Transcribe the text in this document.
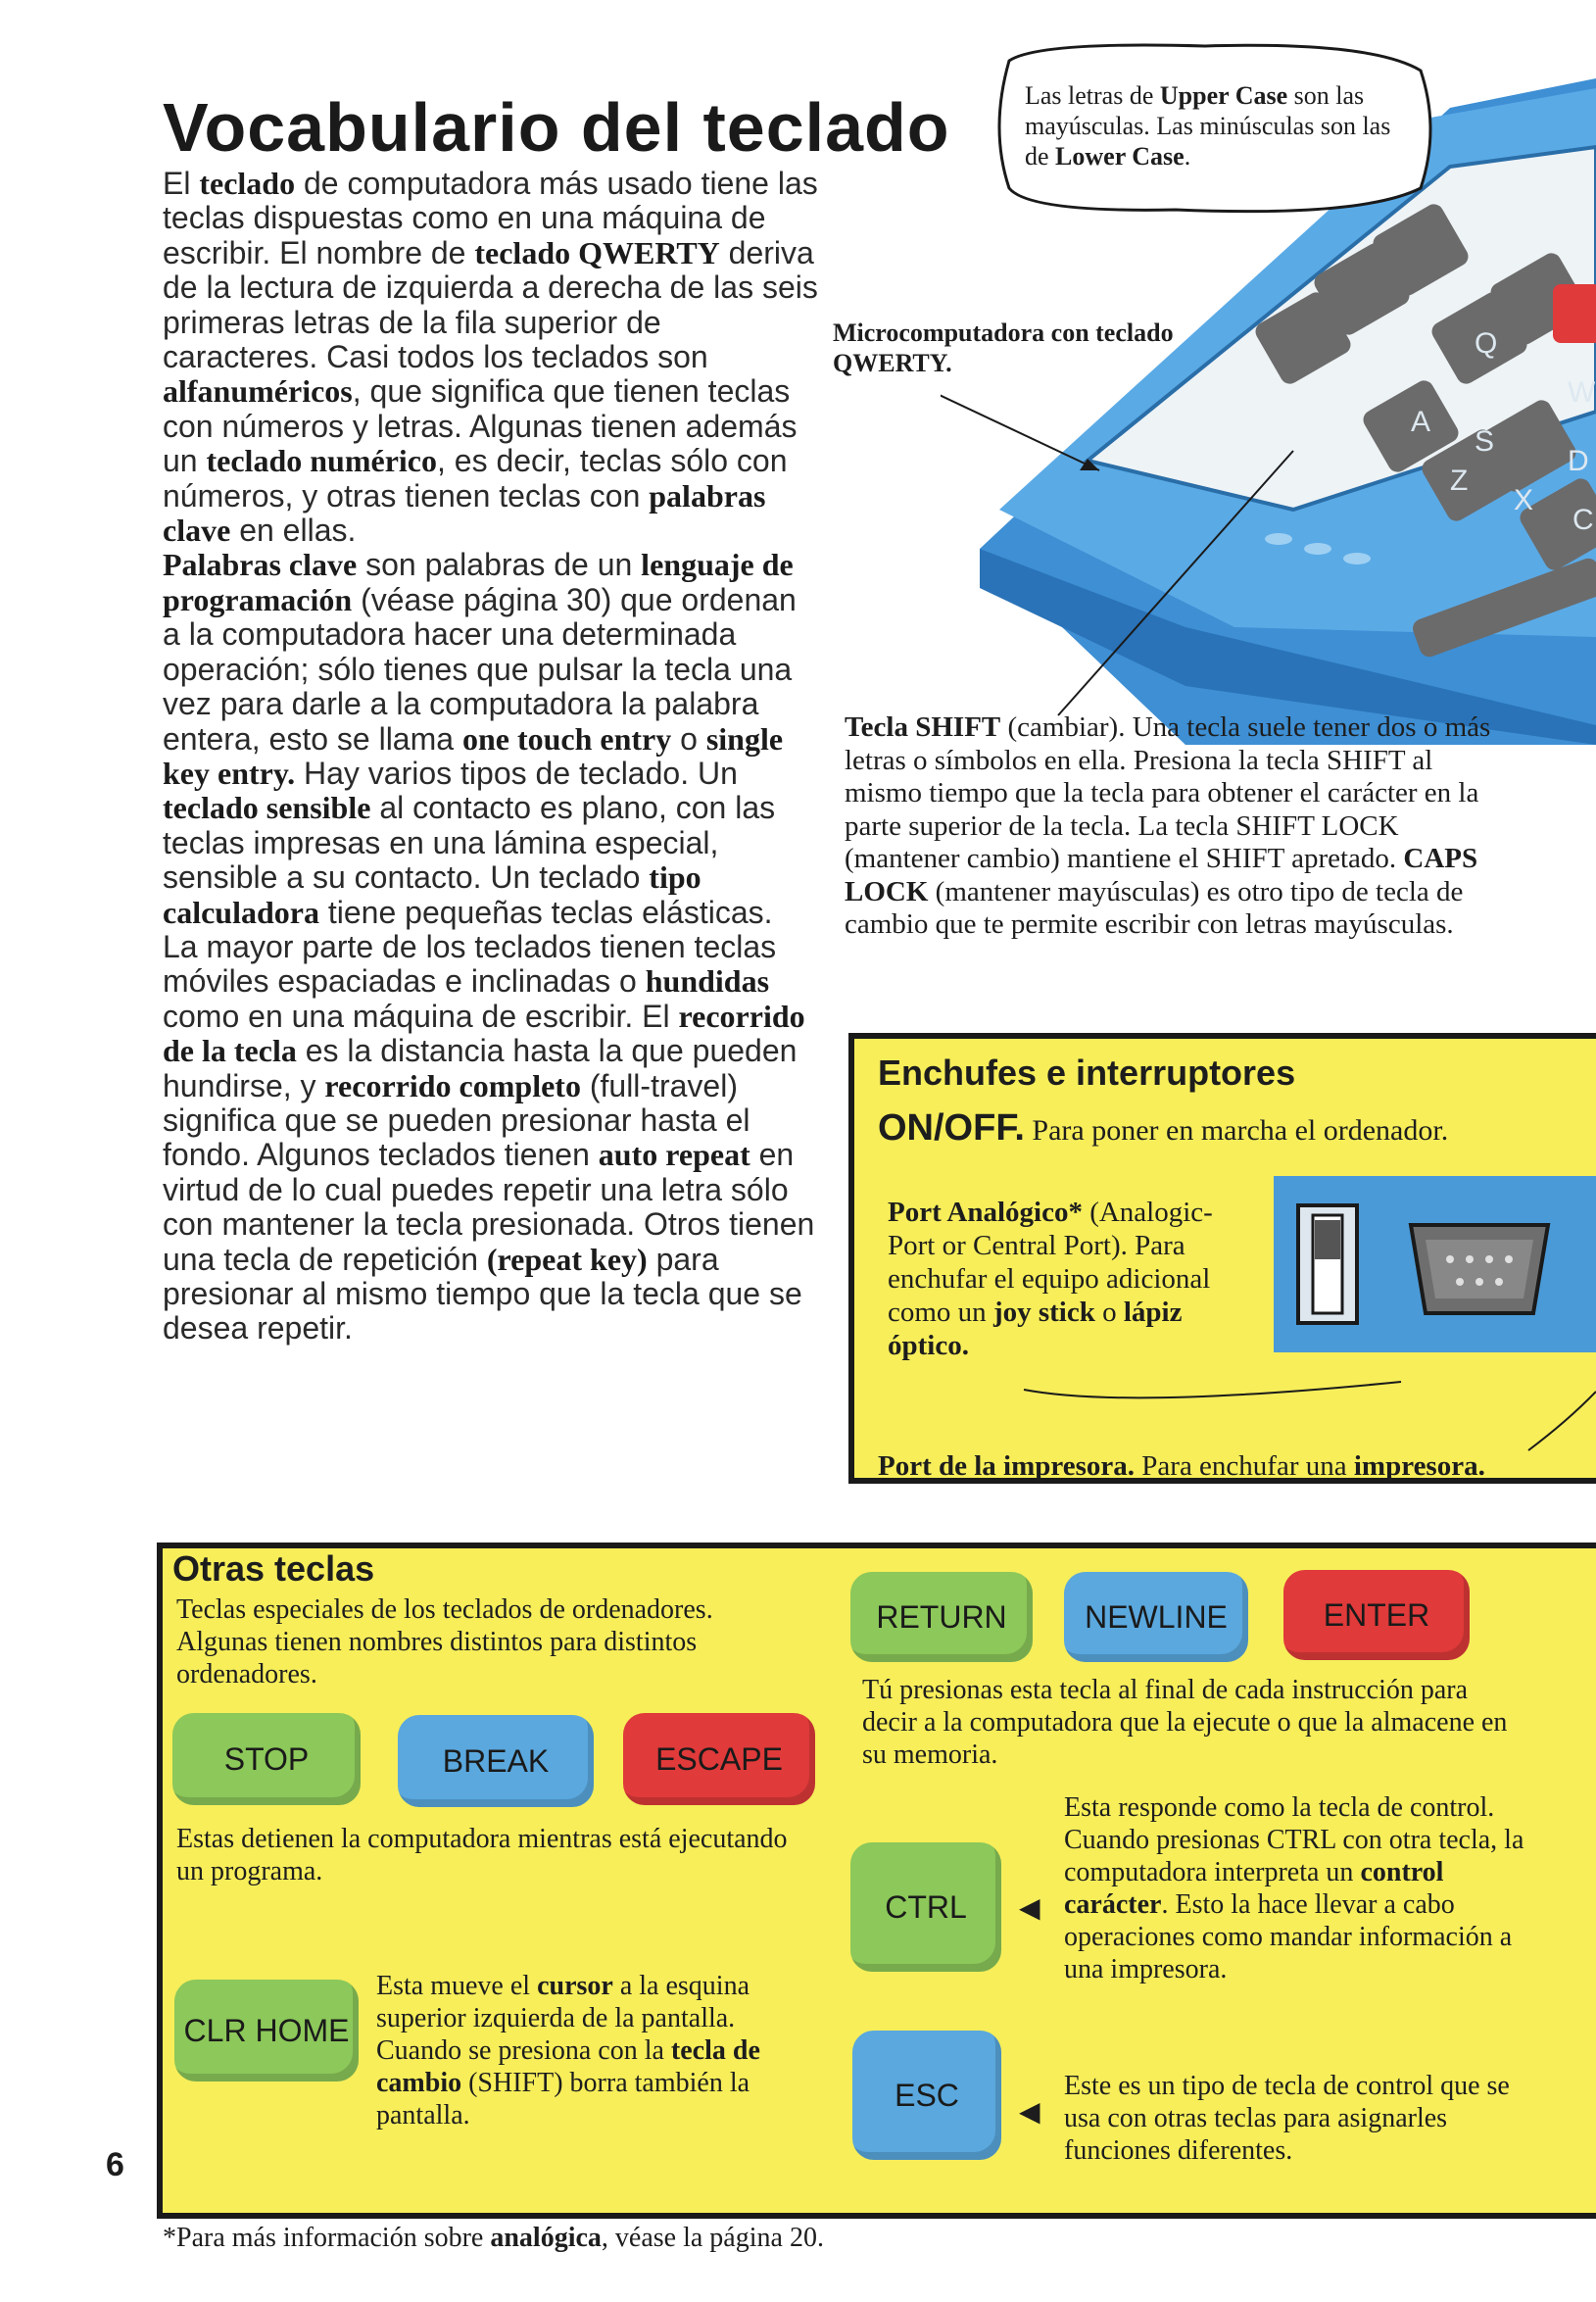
Vocabulario del teclado

El teclado de computadora más usado tiene las teclas dispuestas como en una máquina de escribir. El nombre de teclado QWERTY deriva de la lectura de izquierda a derecha de las seis primeras letras de la fila superior de caracteres. Casi todos los teclados son alfanuméricos, que significa que tienen teclas con números y letras. Algunas tienen además un teclado numérico, es decir, teclas sólo con números, y otras tienen teclas con palabras clave en ellas.

Palabras clave son palabras de un lenguaje de programación (véase página 30) que ordenan a la computadora hacer una determinada operación; sólo tienes que pulsar la tecla una vez para darle a la computadora la palabra entera, esto se llama one touch entry o single key entry. Hay varios tipos de teclado. Un teclado sensible al contacto es plano, con las teclas impresas en una lámina especial, sensible a su contacto. Un teclado tipo calculadora tiene pequeñas teclas elásticas.

La mayor parte de los teclados tienen teclas móviles espaciadas e inclinadas o hundidas como en una máquina de escribir. El recorrido de la tecla es la distancia hasta la que pueden hundirse, y recorrido completo (full-travel) significa que se pueden presionar hasta el fondo. Algunos teclados tienen auto repeat en virtud de lo cual puedes repetir una letra sólo con mantener la tecla presionada. Otros tienen una tecla de repetición (repeat key) para presionar al mismo tiempo que la tecla que se desea repetir.

Q
W
A
S
D
Z
X
C
Las letras de Upper Case son las mayúsculas. Las minúsculas son las de Lower Case.
Microcomputadora con teclado QWERTY.
Tecla SHIFT (cambiar). Una tecla suele tener dos o más letras o símbolos en ella. Presiona la tecla SHIFT al mismo tiempo que la tecla para obtener el carácter en la parte superior de la tecla. La tecla SHIFT LOCK (mantener cambio) mantiene el SHIFT apretado. CAPS LOCK (mantener mayúsculas) es otro tipo de tecla de cambio que te permite escribir con letras mayúsculas.
Enchufes e interruptores
ON/OFF. Para poner en marcha el ordenador.
Port Analógico* (Analogic-Port or Central Port). Para enchufar el equipo adicional como un joy stick o lápiz óptico.
Port de la impresora. Para enchufar una impresora.
Otras teclas
Teclas especiales de los teclados de ordenadores. Algunas tienen nombres distintos para distintos ordenadores.
STOP	BREAK	ESCAPE
Estas detienen la computadora mientras está ejecutando un programa.
CLR HOME
Esta mueve el cursor a la esquina superior izquierda de la pantalla. Cuando se presiona con la tecla de cambio (SHIFT) borra también la pantalla.
RETURN	NEWLINE	ENTER
Tú presionas esta tecla al final de cada instrucción para decir a la computadora que la ejecute o que la almacene en su memoria.
CTRL	◀
Esta responde como la tecla de control. Cuando presionas CTRL con otra tecla, la computadora interpreta un control carácter. Esto la hace llevar a cabo operaciones como mandar información a una impresora.
ESC	◀
Este es un tipo de tecla de control que se usa con otras teclas para asignarles funciones diferentes.
6
*Para más información sobre analógica, véase la página 20.
